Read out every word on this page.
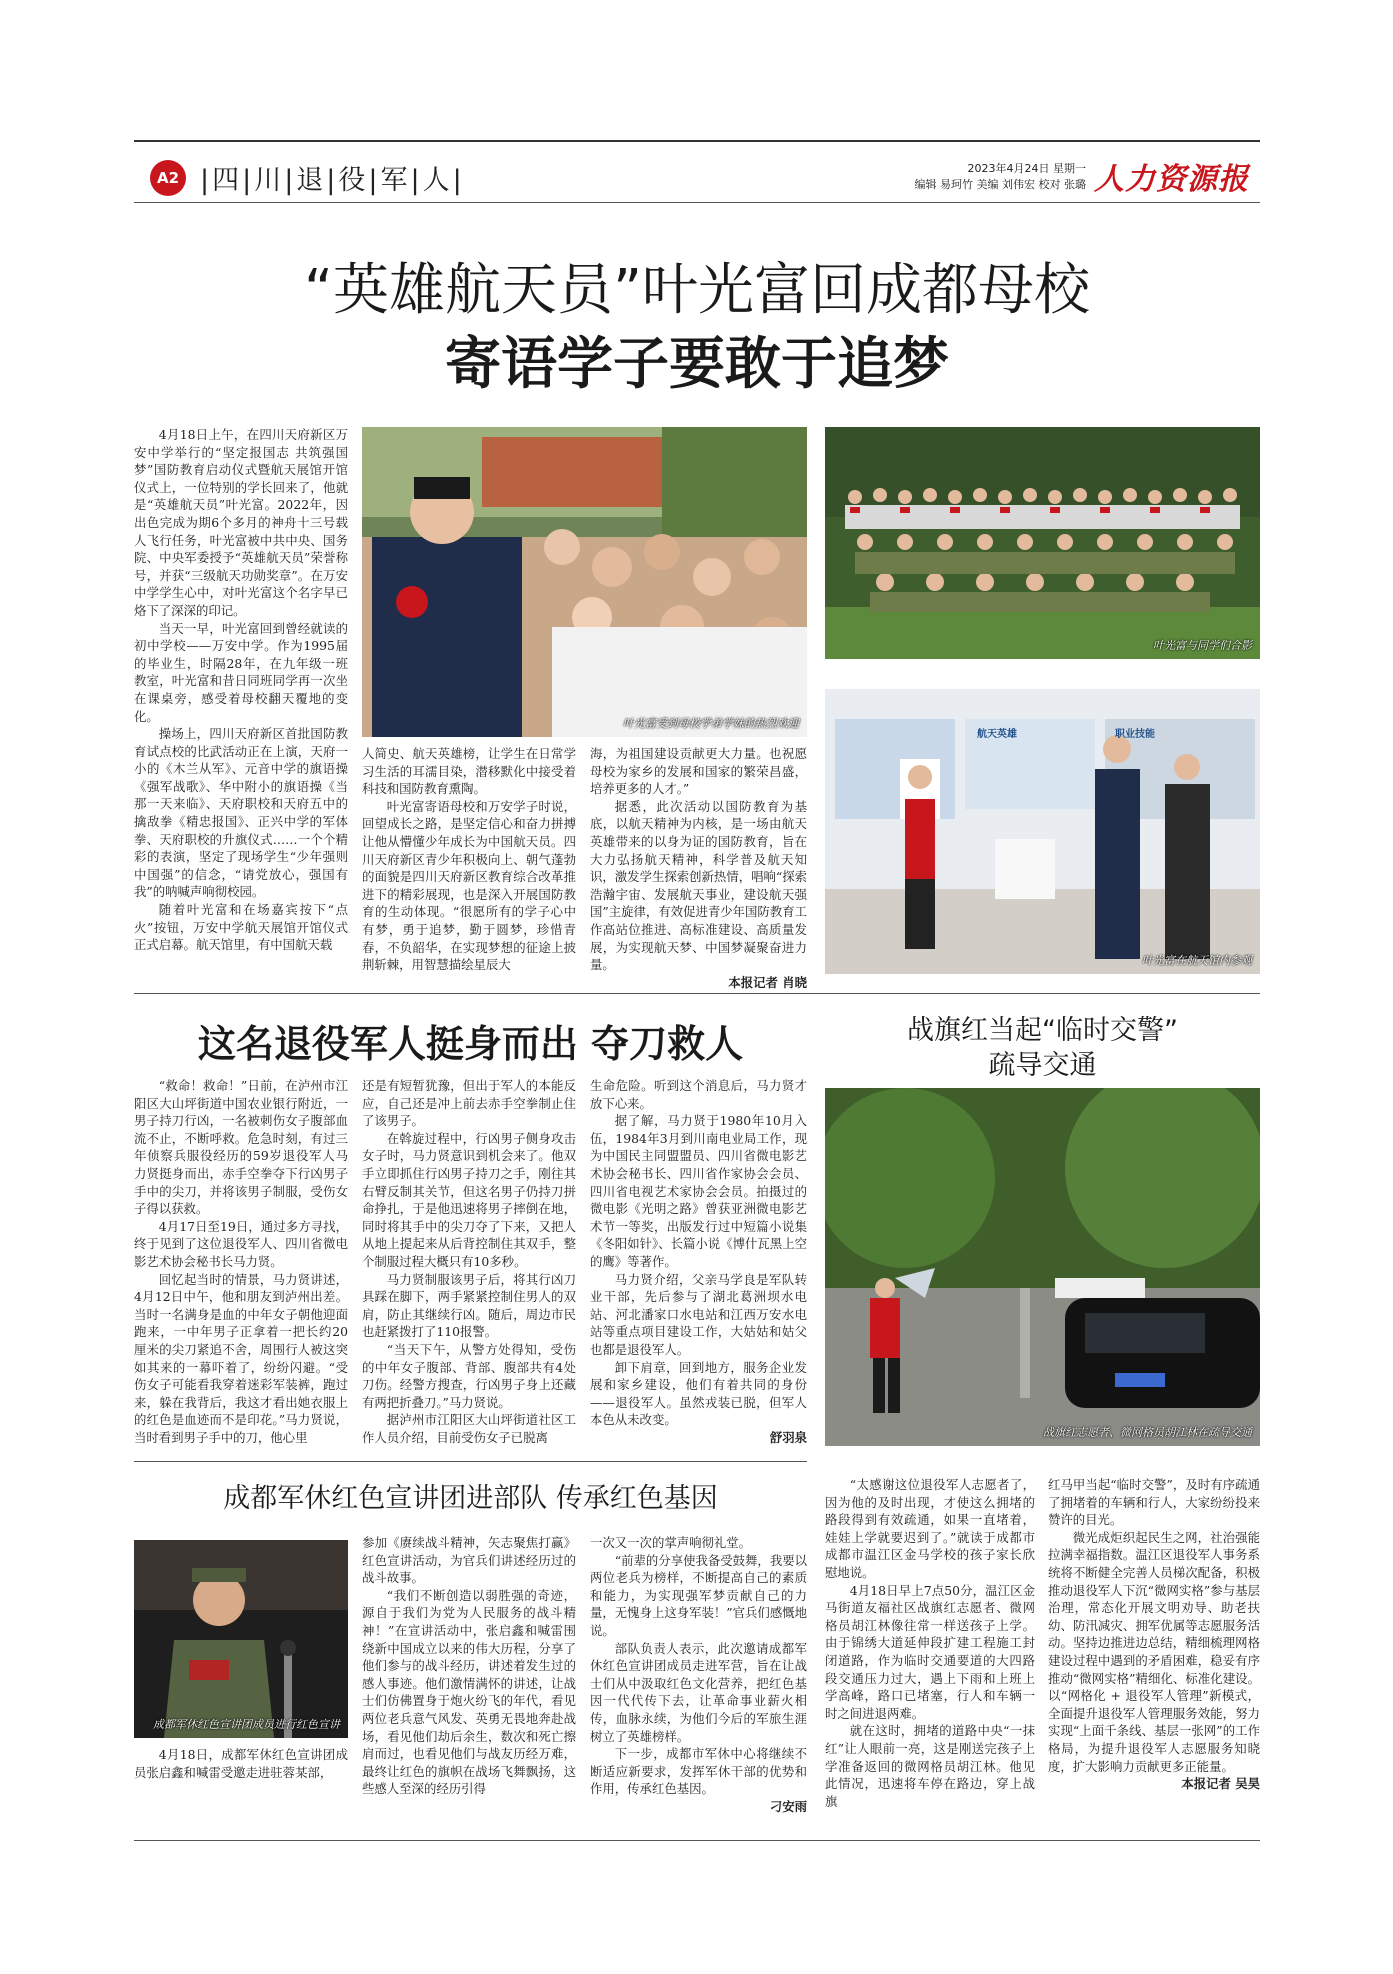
A2 |四|川|退|役|军|人|	2023年4月24日 星期一
编辑 易珂竹 美编 刘伟宏 校对 张璐 人力资源报
“英雄航天员”叶光富回成都母校
寄语学子要敢于追梦

4月18日上午，在四川天府新区万安中学举行的“坚定报国志 共筑强国梦”国防教育启动仪式暨航天展馆开馆仪式上，一位特别的学长回来了，他就是“英雄航天员”叶光富。2022年，因出色完成为期6个多月的神舟十三号载人飞行任务，叶光富被中共中央、国务院、中央军委授予“英雄航天员”荣誉称号，并获“三级航天功勋奖章”。在万安中学学生心中，对叶光富这个名字早已烙下了深深的印记。

当天一早，叶光富回到曾经就读的初中学校——万安中学。作为1995届的毕业生，时隔28年，在九年级一班教室，叶光富和昔日同班同学再一次坐在课桌旁，感受着母校翻天覆地的变化。

操场上，四川天府新区首批国防教育试点校的比武活动正在上演，天府一小的《木兰从军》、元音中学的旗语操《强军战歌》、华中附小的旗语操《当那一天来临》、天府职校和天府五中的擒敌拳《精忠报国》、正兴中学的军体拳、天府职校的升旗仪式……一个个精彩的表演，坚定了现场学生“少年强则中国强”的信念，“请党放心，强国有我”的呐喊声响彻校园。

随着叶光富和在场嘉宾按下“点火”按钮，万安中学航天展馆开馆仪式正式启幕。航天馆里，有中国航天载

叶光富受到母校学弟学妹的热烈欢迎
叶光富与同学们合影
航天英雄	职业技能
叶光富在航天馆内参观

人简史、航天英雄榜，让学生在日常学习生活的耳濡目染，潜移默化中接受着科技和国防教育熏陶。

叶光富寄语母校和万安学子时说，回望成长之路，是坚定信心和奋力拼搏让他从懵懂少年成长为中国航天员。四川天府新区青少年积极向上、朝气蓬勃的面貌是四川天府新区教育综合改革推进下的精彩展现，也是深入开展国防教育的生动体现。“很愿所有的学子心中有梦，勇于追梦，勤于圆梦，珍惜青春，不负韶华，在实现梦想的征途上披荆斩棘，用智慧描绘星辰大

海，为祖国建设贡献更大力量。也祝愿母校为家乡的发展和国家的繁荣昌盛，培养更多的人才。”

据悉，此次活动以国防教育为基底，以航天精神为内核，是一场由航天英雄带来的以身为证的国防教育，旨在大力弘扬航天精神，科学普及航天知识，激发学生探索创新热情，唱响“探索浩瀚宇宙、发展航天事业，建设航天强国”主旋律，有效促进青少年国防教育工作高站位推进、高标准建设、高质量发展，为实现航天梦、中国梦凝聚奋进力量。

本报记者 肖晓

这名退役军人挺身而出 夺刀救人

“救命！救命！”日前，在泸州市江阳区大山坪街道中国农业银行附近，一男子持刀行凶，一名被刺伤女子腹部血流不止，不断呼救。危急时刻，有过三年侦察兵服役经历的59岁退役军人马力贤挺身而出，赤手空拳夺下行凶男子手中的尖刀，并将该男子制服，受伤女子得以获救。

4月17日至19日，通过多方寻找，终于见到了这位退役军人、四川省微电影艺术协会秘书长马力贤。

回忆起当时的情景，马力贤讲述，4月12日中午，他和朋友到泸州出差。当时一名满身是血的中年女子朝他迎面跑来，一中年男子正拿着一把长约20厘米的尖刀紧追不舍，周围行人被这突如其来的一幕吓着了，纷纷闪避。“受伤女子可能看我穿着迷彩军装裤，跑过来，躲在我背后，我这才看出她衣服上的红色是血迹而不是印花。”马力贤说，当时看到男子手中的刀，他心里

还是有短暂犹豫，但出于军人的本能反应，自己还是冲上前去赤手空拳制止住了该男子。

在斡旋过程中，行凶男子侧身攻击女子时，马力贤意识到机会来了。他双手立即抓住行凶男子持刀之手，刚往其右臂反制其关节，但这名男子仍持刀拼命挣扎，于是他迅速将男子摔倒在地，同时将其手中的尖刀夺了下来，又把人从地上提起来从后背控制住其双手，整个制服过程大概只有10多秒。

马力贤制服该男子后，将其行凶刀具踩在脚下，两手紧紧控制住男人的双肩，防止其继续行凶。随后，周边市民也赶紧拨打了110报警。

“当天下午，从警方处得知，受伤的中年女子腹部、背部、腹部共有4处刀伤。经警方搜查，行凶男子身上还藏有两把折叠刀。”马力贤说。

据泸州市江阳区大山坪街道社区工作人员介绍，目前受伤女子已脱离

生命危险。听到这个消息后，马力贤才放下心来。

据了解，马力贤于1980年10月入伍，1984年3月到川南电业局工作，现为中国民主同盟盟员、四川省微电影艺术协会秘书长、四川省作家协会会员、四川省电视艺术家协会会员。拍摄过的微电影《光明之路》曾获亚洲微电影艺术节一等奖，出版发行过中短篇小说集《冬阳如针》、长篇小说《博什瓦黑上空的鹰》等著作。

马力贤介绍，父亲马学良是军队转业干部，先后参与了湖北葛洲坝水电站、河北潘家口水电站和江西万安水电站等重点项目建设工作，大姑姑和姑父也都是退役军人。

卸下肩章，回到地方，服务企业发展和家乡建设，他们有着共同的身份——退役军人。虽然戎装已脱，但军人本色从未改变。

舒羽泉

战旗红当起“临时交警”
疏导交通
战旗红志愿者、微网格员胡江林在疏导交通
成都军休红色宣讲团进部队 传承红色基因
成都军休红色宣讲团成员进行红色宣讲

4月18日，成都军休红色宣讲团成员张启鑫和喊雷受邀走进驻蓉某部，

参加《赓续战斗精神，矢志聚焦打赢》红色宣讲活动，为官兵们讲述经历过的战斗故事。

“我们不断创造以弱胜强的奇迹，源自于我们为党为人民服务的战斗精神！”在宣讲活动中，张启鑫和喊雷围绕新中国成立以来的伟大历程，分享了他们参与的战斗经历，讲述着发生过的感人事迹。他们激情满怀的讲述，让战士们仿佛置身于炮火纷飞的年代，看见两位老兵意气风发、英勇无畏地奔赴战场，看见他们劫后余生，数次和死亡擦肩而过，也看见他们与战友历经万难，最终让红色的旗帜在战场飞舞飘扬，这些感人至深的经历引得

一次又一次的掌声响彻礼堂。

“前辈的分享使我备受鼓舞，我要以两位老兵为榜样，不断提高自己的素质和能力，为实现强军梦贡献自己的力量，无愧身上这身军装！”官兵们感慨地说。

部队负责人表示，此次邀请成都军休红色宣讲团成员走进军营，旨在让战士们从中汲取红色文化营养，把红色基因一代代传下去，让革命事业薪火相传，血脉永续，为他们今后的军旅生涯树立了英雄榜样。

下一步，成都市军休中心将继续不断适应新要求，发挥军休干部的优势和作用，传承红色基因。

刁安雨

“太感谢这位退役军人志愿者了，因为他的及时出现，才使这么拥堵的路段得到有效疏通，如果一直堵着，娃娃上学就要迟到了。”就读于成都市成都市温江区金马学校的孩子家长欣慰地说。

4月18日早上7点50分，温江区金马街道友福社区战旗红志愿者、微网格员胡江林像往常一样送孩子上学。由于锦绣大道延伸段扩建工程施工封闭道路，作为临时交通要道的大四路段交通压力过大，遇上下雨和上班上学高峰，路口已堵塞，行人和车辆一时之间进退两难。

就在这时，拥堵的道路中央“一抹红”让人眼前一亮，这是刚送完孩子上学准备返回的微网格员胡江林。他见此情况，迅速将车停在路边，穿上战旗

红马甲当起“临时交警”，及时有序疏通了拥堵着的车辆和行人，大家纷纷投来赞许的目光。

微光成炬织起民生之网，社治强能拉满幸福指数。温江区退役军人事务系统将不断健全完善人员梯次配备，积极推动退役军人下沉“微网实格”参与基层治理，常态化开展文明劝导、助老扶幼、防汛减灾、拥军优属等志愿服务活动。坚持边推进边总结，精细梳理网格建设过程中遇到的矛盾困难，稳妥有序推动“微网实格”精细化、标准化建设。以“网格化 + 退役军人管理”新模式，全面提升退役军人管理服务效能，努力实现“上面千条线、基层一张网”的工作格局，为提升退役军人志愿服务知晓度，扩大影响力贡献更多正能量。

本报记者 吴昊
